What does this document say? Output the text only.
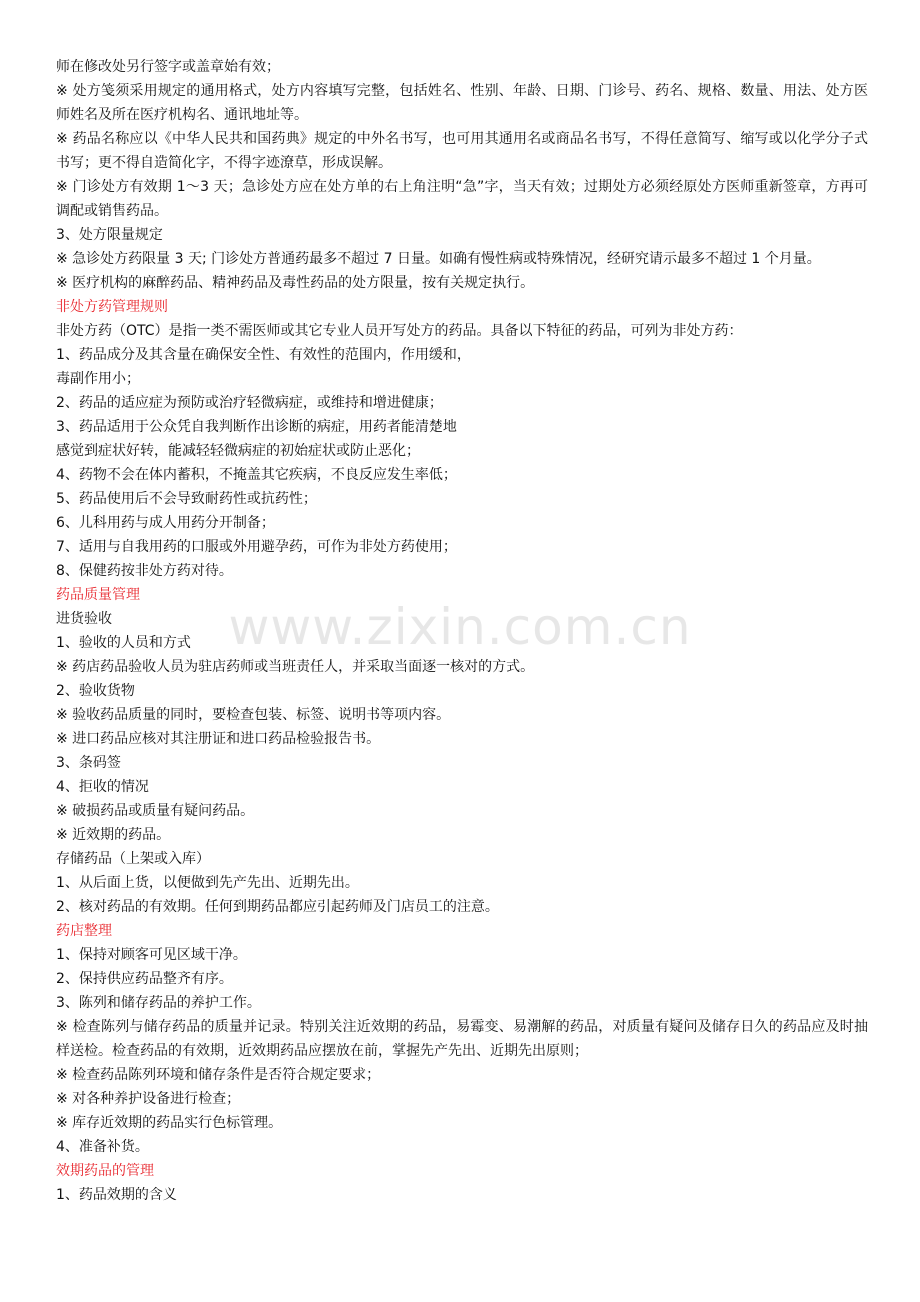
www.zixin.com.cn

师在修改处另行签字或盖章始有效；

※ 处方笺须采用规定的通用格式，处方内容填写完整，包括姓名、性别、年龄、日期、门诊号、药名、规格、数量、用法、处方医师姓名及所在医疗机构名、通讯地址等。

※ 药品名称应以《中华人民共和国药典》规定的中外名书写，也可用其通用名或商品名书写，不得任意简写、缩写或以化学分子式书写；更不得自造简化字，不得字迹潦草，形成误解。

※ 门诊处方有效期 1～3 天；急诊处方应在处方单的右上角注明“急”字，当天有效；过期处方必须经原处方医师重新签章，方再可调配或销售药品。

3、处方限量规定

※ 急诊处方药限量 3 天; 门诊处方普通药最多不超过 7 日量。如确有慢性病或特殊情况，经研究请示最多不超过 1 个月量。

※ 医疗机构的麻醉药品、精神药品及毒性药品的处方限量，按有关规定执行。

非处方药管理规则

非处方药（OTC）是指一类不需医师或其它专业人员开写处方的药品。具备以下特征的药品，可列为非处方药：

1、药品成分及其含量在确保安全性、有效性的范围内，作用缓和，

毒副作用小；

2、药品的适应症为预防或治疗轻微病症，或维持和增进健康；

3、药品适用于公众凭自我判断作出诊断的病症，用药者能清楚地

感觉到症状好转，能减轻轻微病症的初始症状或防止恶化；

4、药物不会在体内蓄积，不掩盖其它疾病，不良反应发生率低；

5、药品使用后不会导致耐药性或抗药性；

6、儿科用药与成人用药分开制备；

7、适用与自我用药的口服或外用避孕药，可作为非处方药使用；

8、保健药按非处方药对待。

药品质量管理

进货验收

1、验收的人员和方式

※ 药店药品验收人员为驻店药师或当班责任人，并采取当面逐一核对的方式。

2、验收货物

※ 验收药品质量的同时，要检查包装、标签、说明书等项内容。

※ 进口药品应核对其注册证和进口药品检验报告书。

3、条码签

4、拒收的情况

※ 破损药品或质量有疑问药品。

※ 近效期的药品。

存储药品（上架或入库）

1、从后面上货，以便做到先产先出、近期先出。

2、核对药品的有效期。任何到期药品都应引起药师及门店员工的注意。

药店整理

1、保持对顾客可见区域干净。

2、保持供应药品整齐有序。

3、陈列和储存药品的养护工作。

※ 检查陈列与储存药品的质量并记录。特别关注近效期的药品，易霉变、易潮解的药品，对质量有疑问及储存日久的药品应及时抽样送检。检查药品的有效期，近效期药品应摆放在前，掌握先产先出、近期先出原则；

※ 检查药品陈列环境和储存条件是否符合规定要求；

※ 对各种养护设备进行检查；

※ 库存近效期的药品实行色标管理。

4、准备补货。

效期药品的管理

1、药品效期的含义
